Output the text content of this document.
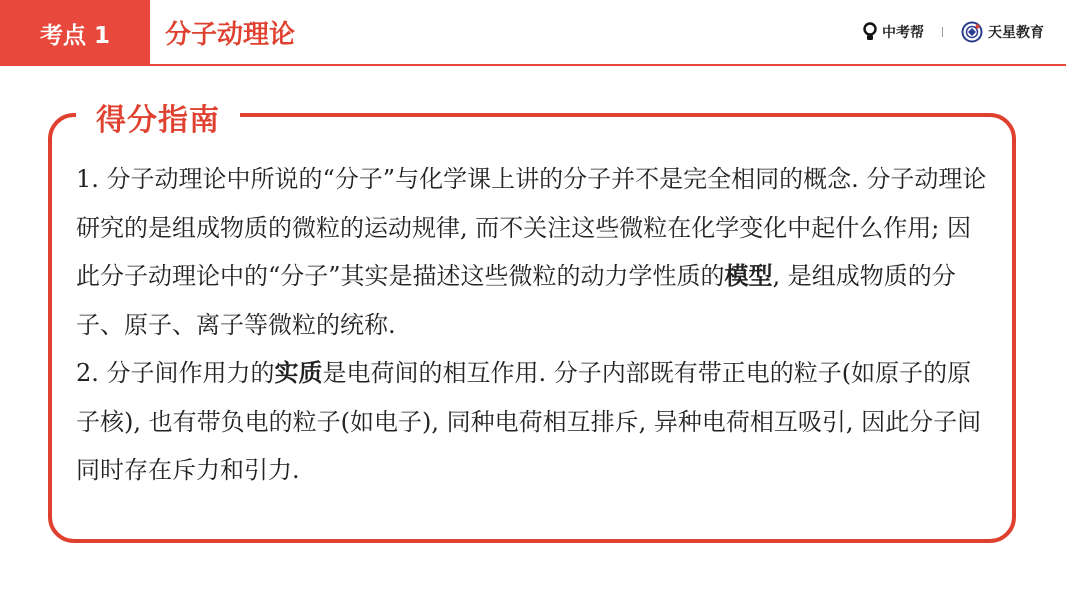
考点 1	分子动理论	中考帮	天星教育
得分指南

1. 分子动理论中所说的“分子”与化学课上讲的分子并不是完全相同的概念. 分子动理论研究的是组成物质的微粒的运动规律, 而不关注这些微粒在化学变化中起什么作用; 因此分子动理论中的“分子”其实是描述这些微粒的动力学性质的模型, 是组成物质的分子、原子、离子等微粒的统称.

2. 分子间作用力的实质是电荷间的相互作用. 分子内部既有带正电的粒子(如原子的原子核), 也有带负电的粒子(如电子), 同种电荷相互排斥, 异种电荷相互吸引, 因此分子间同时存在斥力和引力.
